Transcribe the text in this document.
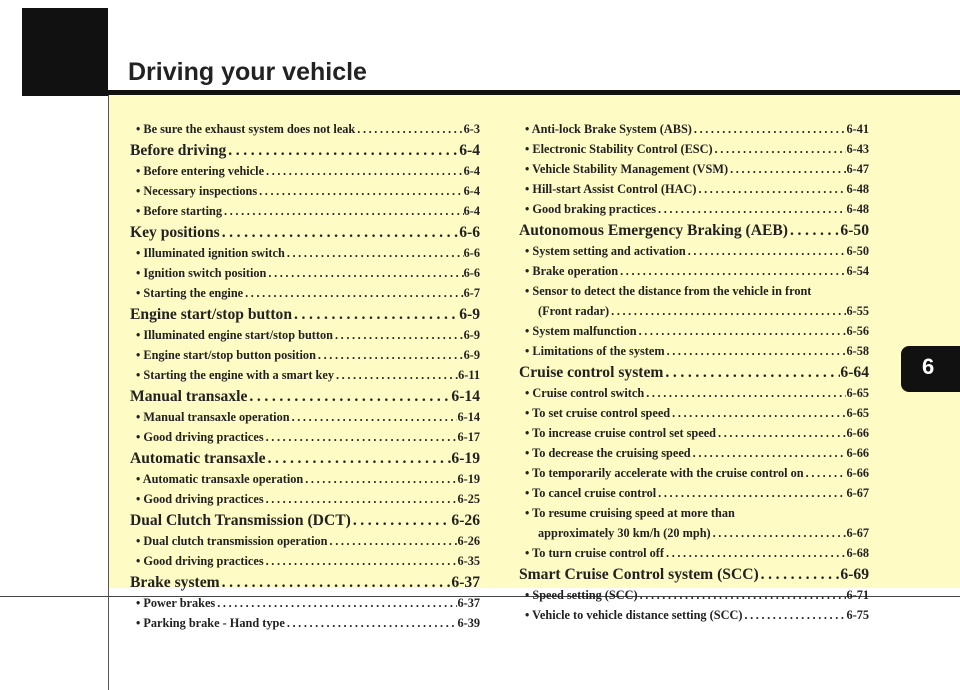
Driving your vehicle
6
• Be sure the exhaust system does not leak .....	6-3
Before driving .....	6-4
• Before entering vehicle .....	6-4
• Necessary inspections .....	6-4
• Before starting .....	6-4
Key positions .....	6-6
• Illuminated ignition switch .....	6-6
• Ignition switch position .....	6-6
• Starting the engine .....	6-7
Engine start/stop button .....	6-9
• Illuminated engine start/stop button .....	6-9
• Engine start/stop button position .....	6-9
• Starting the engine with a smart key .....	6-11
Manual transaxle .....	6-14
• Manual transaxle operation .....	6-14
• Good driving practices .....	6-17
Automatic transaxle .....	6-19
• Automatic transaxle operation .....	6-19
• Good driving practices .....	6-25
Dual Clutch Transmission (DCT) .....	6-26
• Dual clutch transmission operation .....	6-26
• Good driving practices .....	6-35
Brake system .....	6-37
• Power brakes .....	6-37
• Parking brake - Hand type .....	6-39
• Anti-lock Brake System (ABS) .....	6-41
• Electronic Stability Control (ESC) .....	6-43
• Vehicle Stability Management (VSM) .....	6-47
• Hill-start Assist Control (HAC) .....	6-48
• Good braking practices .....	6-48
Autonomous Emergency Braking (AEB) .....	6-50
• System setting and activation .....	6-50
• Brake operation .....	6-54
• Sensor to detect the distance from the vehicle in front
(Front radar) .....	6-55
• System malfunction .....	6-56
• Limitations of the system .....	6-58
Cruise control system .....	6-64
• Cruise control switch .....	6-65
• To set cruise control speed .....	6-65
• To increase cruise control set speed .....	6-66
• To decrease the cruising speed .....	6-66
• To temporarily accelerate with the cruise control on .....	6-66
• To cancel cruise control .....	6-67
• To resume cruising speed at more than
approximately 30 km/h (20 mph) .....	6-67
• To turn cruise control off .....	6-68
Smart Cruise Control system (SCC) .....	6-69
• Speed setting (SCC) .....	6-71
• Vehicle to vehicle distance setting (SCC) .....	6-75
